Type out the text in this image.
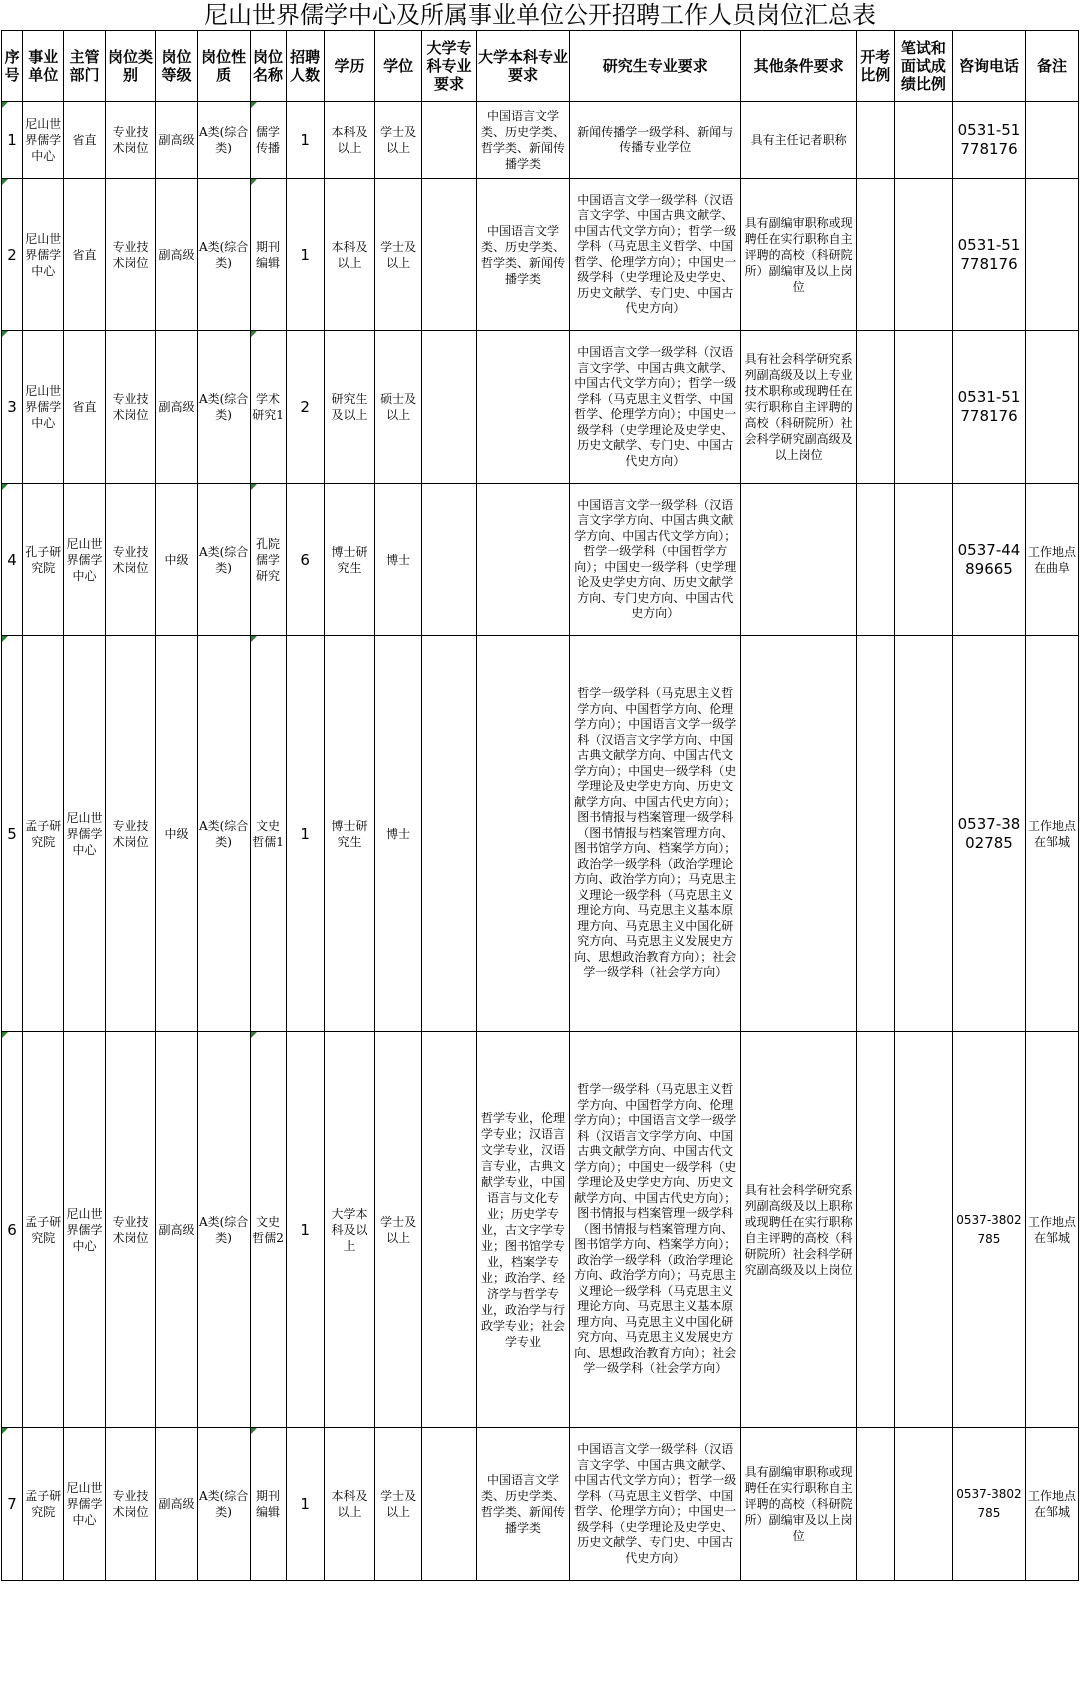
尼山世界儒学中心及所属事业单位公开招聘工作人员岗位汇总表
序号	事业单位	主管部门	岗位类别	岗位等级	岗位性质	岗位名称	招聘人数	学历	学位	大学专科专业要求	大学本科专业要求	研究生专业要求	其他条件要求	开考比例	笔试和面试成绩比例	咨询电话	备注
1	尼山世界儒学中心	省直	专业技术岗位	副高级	A类(综合类)	儒学传播	1	本科及以上	学士及以上		中国语言文学类、历史学类、哲学类、新闻传播学类	新闻传播学一级学科、新闻与传播专业学位	具有主任记者职称			0531-51778176	
2	尼山世界儒学中心	省直	专业技术岗位	副高级	A类(综合类)	期刊编辑	1	本科及以上	学士及以上		中国语言文学类、历史学类、哲学类、新闻传播学类	中国语言文学一级学科（汉语言文字学、中国古典文献学、中国古代文学方向）；哲学一级学科（马克思主义哲学、中国哲学、伦理学方向）；中国史一级学科（史学理论及史学史、历史文献学、专门史、中国古代史方向）	具有副编审职称或现聘任在实行职称自主评聘的高校（科研院所）副编审及以上岗位			0531-51778176	
3	尼山世界儒学中心	省直	专业技术岗位	副高级	A类(综合类)	学术研究1	2	研究生及以上	硕士及以上			中国语言文学一级学科（汉语言文字学、中国古典文献学、中国古代文学方向）；哲学一级学科（马克思主义哲学、中国哲学、伦理学方向）；中国史一级学科（史学理论及史学史、历史文献学、专门史、中国古代史方向）	具有社会科学研究系列副高级及以上专业技术职称或现聘任在实行职称自主评聘的高校（科研院所）社会科学研究副高级及以上岗位			0531-51778176	
4	孔子研究院	尼山世界儒学中心	专业技术岗位	中级	A类(综合类)	孔院儒学研究	6	博士研究生	博士			中国语言文学一级学科（汉语言文字学方向、中国古典文献学方向、中国古代文学方向）；哲学一级学科（中国哲学方向）；中国史一级学科（史学理论及史学史方向、历史文献学方向、专门史方向、中国古代史方向）				0537-4489665	工作地点在曲阜
5	孟子研究院	尼山世界儒学中心	专业技术岗位	中级	A类(综合类)	文史哲儒1	1	博士研究生	博士			哲学一级学科（马克思主义哲学方向、中国哲学方向、伦理学方向）；中国语言文学一级学科（汉语言文字学方向、中国古典文献学方向、中国古代文学方向）；中国史一级学科（史学理论及史学史方向、历史文献学方向、中国古代史方向）；图书情报与档案管理一级学科（图书情报与档案管理方向、图书馆学方向、档案学方向）；政治学一级学科（政治学理论方向、政治学方向）；马克思主义理论一级学科（马克思主义理论方向、马克思主义基本原理方向、马克思主义中国化研究方向、马克思主义发展史方向、思想政治教育方向）；社会学一级学科（社会学方向）				0537-3802785	工作地点在邹城
6	孟子研究院	尼山世界儒学中心	专业技术岗位	副高级	A类(综合类)	文史哲儒2	1	大学本科及以上	学士及以上		哲学专业，伦理学专业；汉语言文学专业，汉语言专业，古典文献学专业，中国语言与文化专业；历史学专业，古文字学专业；图书馆学专业，档案学专业；政治学、经济学与哲学专业，政治学与行政学专业；社会学专业	哲学一级学科（马克思主义哲学方向、中国哲学方向、伦理学方向）；中国语言文学一级学科（汉语言文字学方向、中国古典文献学方向、中国古代文学方向）；中国史一级学科（史学理论及史学史方向、历史文献学方向、中国古代史方向）；图书情报与档案管理一级学科（图书情报与档案管理方向、图书馆学方向、档案学方向）；政治学一级学科（政治学理论方向、政治学方向）；马克思主义理论一级学科（马克思主义理论方向、马克思主义基本原理方向、马克思主义中国化研究方向、马克思主义发展史方向、思想政治教育方向）；社会学一级学科（社会学方向）	具有社会科学研究系列副高级及以上职称或现聘任在实行职称自主评聘的高校（科研院所）社会科学研究副高级及以上岗位			0537-3802785	工作地点在邹城
7	孟子研究院	尼山世界儒学中心	专业技术岗位	副高级	A类(综合类)	期刊编辑	1	本科及以上	学士及以上		中国语言文学类、历史学类、哲学类、新闻传播学类	中国语言文学一级学科（汉语言文字学、中国古典文献学、中国古代文学方向）；哲学一级学科（马克思主义哲学、中国哲学、伦理学方向）；中国史一级学科（史学理论及史学史、历史文献学、专门史、中国古代史方向）	具有副编审职称或现聘任在实行职称自主评聘的高校（科研院所）副编审及以上岗位			0537-3802785	工作地点在邹城
